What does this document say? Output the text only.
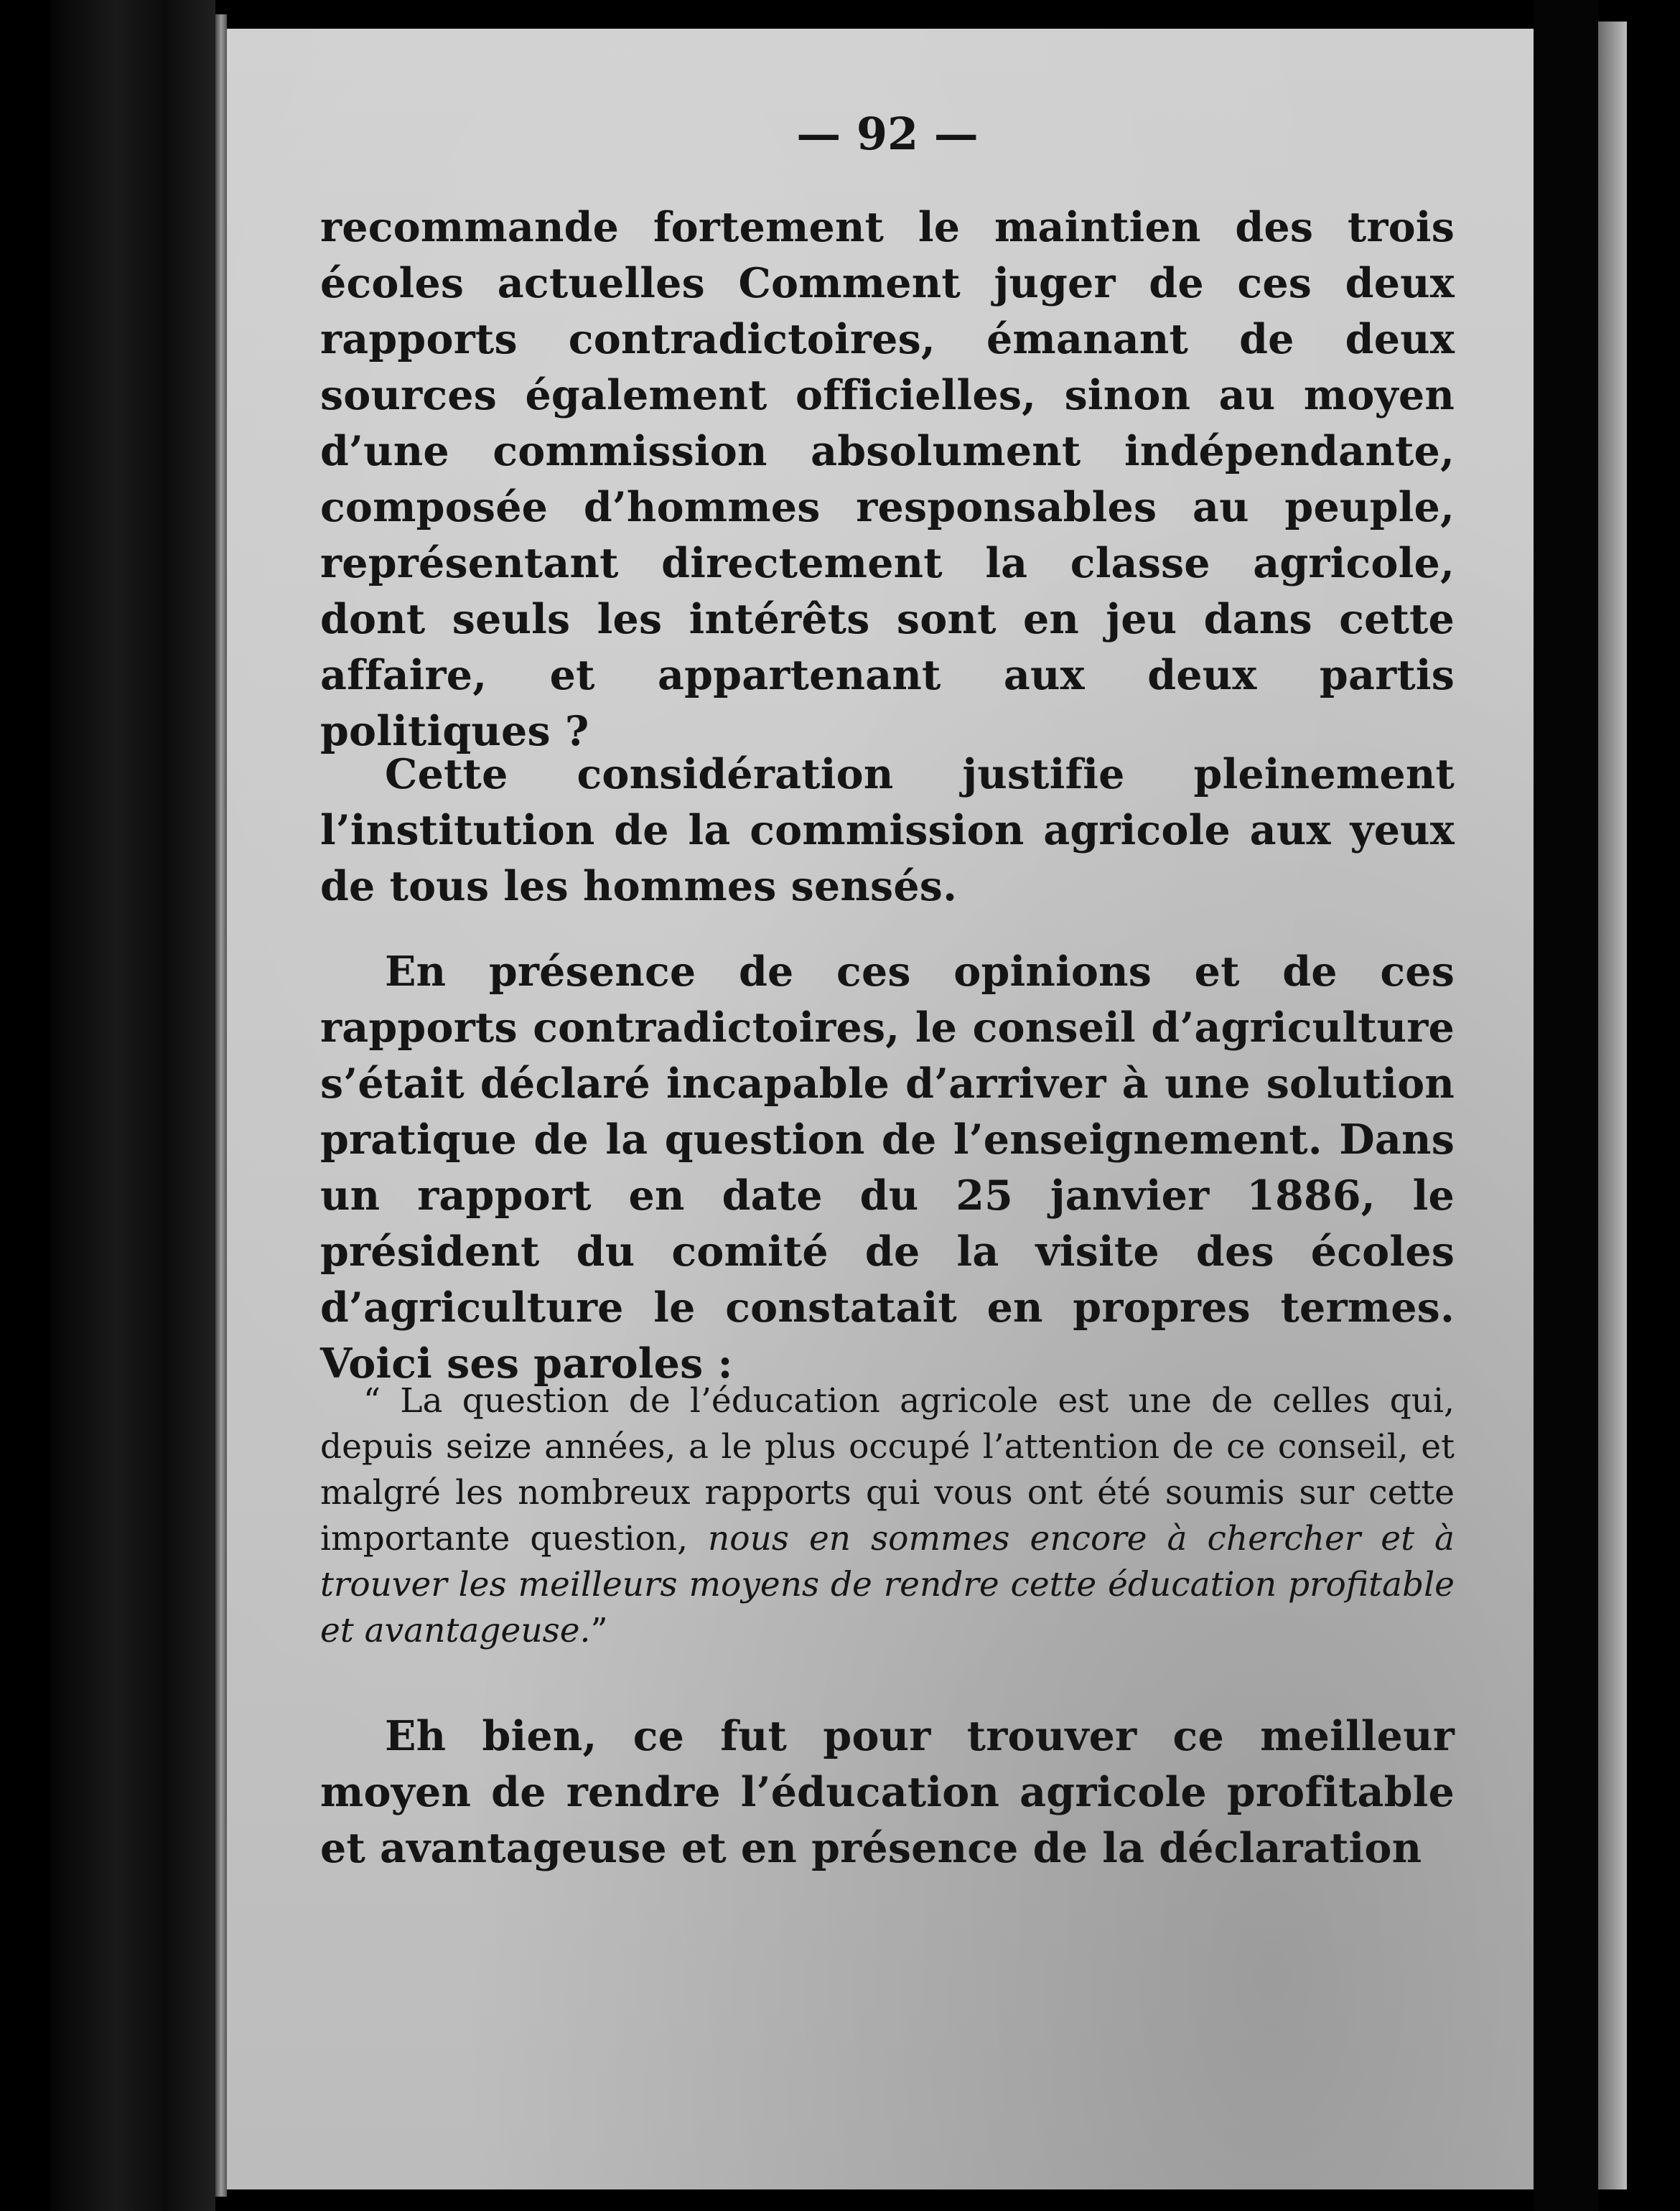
— 92 —

recommande fortement le maintien des trois écoles actuelles Comment juger de ces deux rapports contradictoires, émanant de deux sources également officielles, sinon au moyen d’une commission absolument indépendante, composée d’hommes responsables au peuple, représentant directement la classe agricole, dont seuls les intérêts sont en jeu dans cette affaire, et appartenant aux deux partis politiques ?

Cette considération justifie pleinement l’institution de la commission agricole aux yeux de tous les hommes sensés.

En présence de ces opinions et de ces rapports contradictoires, le conseil d’agriculture s’était déclaré incapable d’arriver à une solution pratique de la question de l’enseignement. Dans un rapport en date du 25 janvier 1886, le président du comité de la visite des écoles d’agriculture le constatait en propres termes. Voici ses paroles :

“ La question de l’éducation agricole est une de celles qui, depuis seize années, a le plus occupé l’attention de ce conseil, et malgré les nombreux rapports qui vous ont été soumis sur cette importante question, nous en sommes encore à chercher et à trouver les meilleurs moyens de rendre cette éducation profitable et avantageuse.”

Eh bien, ce fut pour trouver ce meilleur moyen de rendre l’éducation agricole profitable et avantageuse et en présence de la déclaration
